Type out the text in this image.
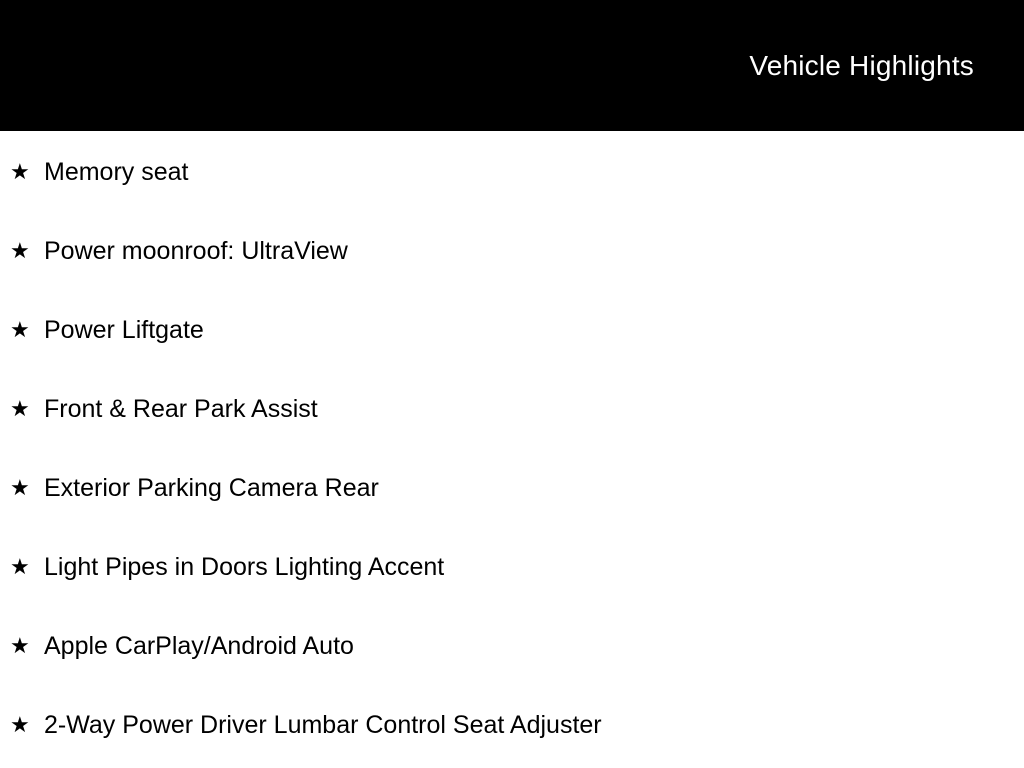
Vehicle Highlights
★ Memory seat
★ Power moonroof: UltraView
★ Power Liftgate
★ Front & Rear Park Assist
★ Exterior Parking Camera Rear
★ Light Pipes in Doors Lighting Accent
★ Apple CarPlay/Android Auto
★ 2-Way Power Driver Lumbar Control Seat Adjuster
